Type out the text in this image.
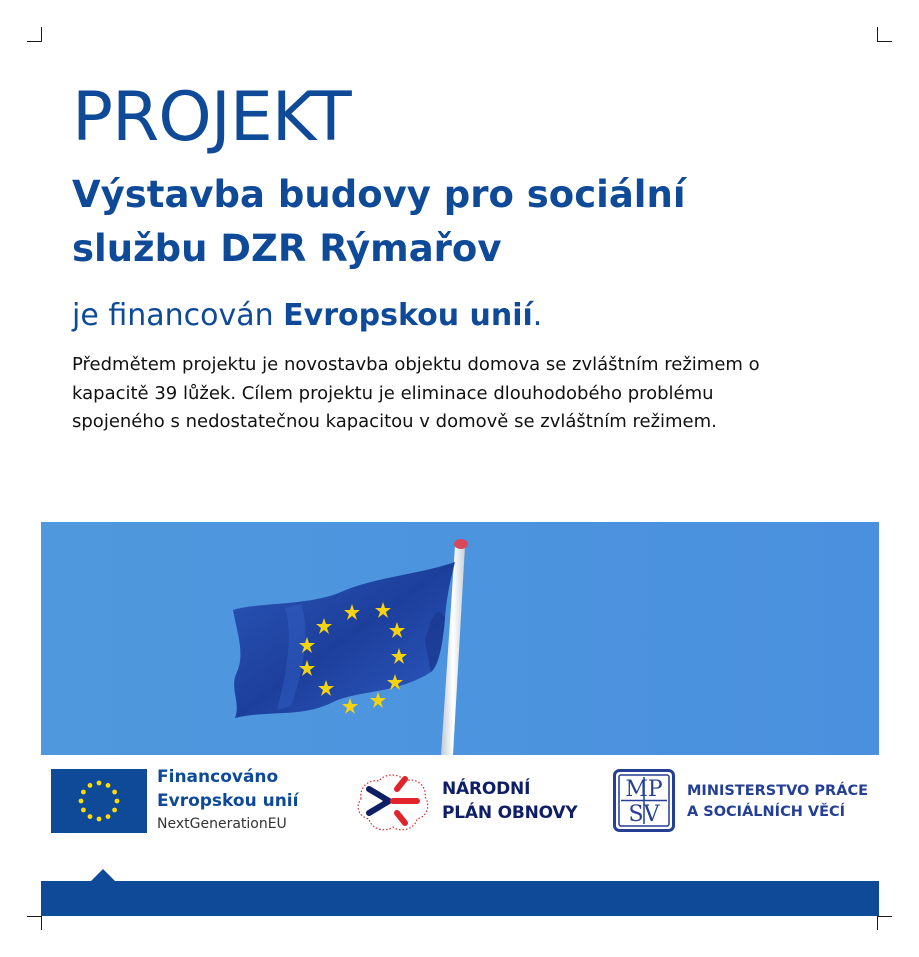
PROJEKT
Výstavba budovy pro sociální službu DZR Rýmařov

je financován Evropskou unií.

Předmětem projektu je novostavba objektu domova se zvláštním režimem o kapacitě 39 lůžek. Cílem projektu je eliminace dlouhodobého problému spojeného s nedostatečnou kapacitou v domově se zvláštním režimem.

Financováno
Evropskou unií
NextGenerationEU
NÁRODNÍ
PLÁN OBNOVY
MP
SV
MINISTERSTVO PRÁCE
A SOCIÁLNÍCH VĚCÍ
